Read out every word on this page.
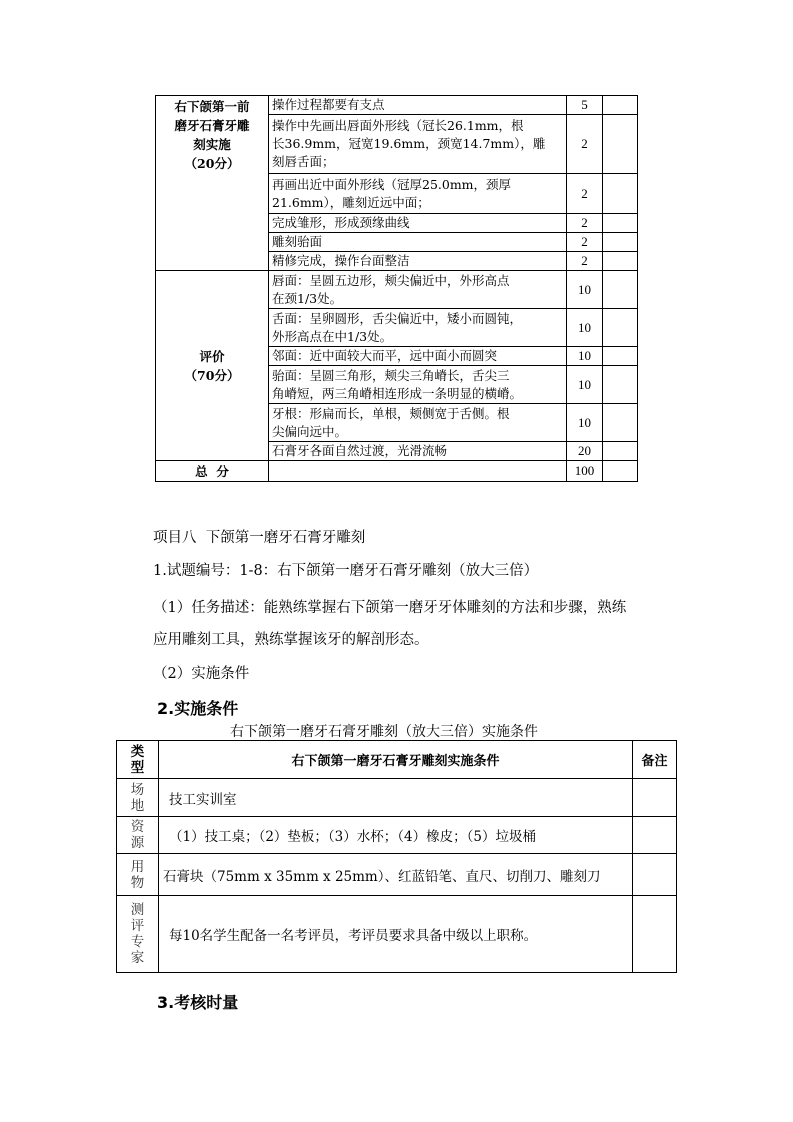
右下颌第一前
磨牙石膏牙雕
刻实施
（20分）	操作过程都要有支点	5	

	操作中先画出唇面外形线（冠长26.1mm，根
长36.9mm，冠宽19.6mm，颈宽14.7mm），雕
刻唇舌面；	2	

	再画出近中面外形线（冠厚25.0mm，颈厚
21.6mm），雕刻近远中面；	2	

	完成雏形，形成颈缘曲线	2	

	雕刻骀面	2	

	精修完成，操作台面整洁	2	

评价
（70分）	唇面：呈圆五边形，颊尖偏近中，外形高点
在颈1/3处。	10	

	舌面：呈卵圆形，舌尖偏近中，矮小而圆钝，
外形高点在中1/3处。	10	

	邻面：近中面较大而平，远中面小而圆突	10	

	骀面：呈圆三角形，颊尖三角嵴长，舌尖三
角嵴短，两三角嵴相连形成一条明显的横嵴。	10	

	牙根：形扁而长，单根，颊侧宽于舌侧。根
尖偏向远中。	10	

	石膏牙各面自然过渡，光滑流畅	20	
总  分		100	
项目八  下颌第一磨牙石膏牙雕刻
1.试题编号：1-8：右下颌第一磨牙石膏牙雕刻（放大三倍）
（1）任务描述：能熟练掌握右下颌第一磨牙牙体雕刻的方法和步骤，熟练
应用雕刻工具，熟练掌握该牙的解剖形态。
（2）实施条件
2.实施条件
右下颌第一磨牙石膏牙雕刻（放大三倍）实施条件
类
型	右下颌第一磨牙石膏牙雕刻实施条件	备注

场
地	技工实训室	

资
源	（1）技工桌；（2）垫板；（3）水杯；（4）橡皮；（5）垃圾桶	

用
物	石膏块（75mm x 35mm x 25mm）、红蓝铅笔、直尺、切削刀、雕刻刀	

测
评
专
家	每10名学生配备一名考评员，考评员要求具备中级以上职称。	
3.考核时量
